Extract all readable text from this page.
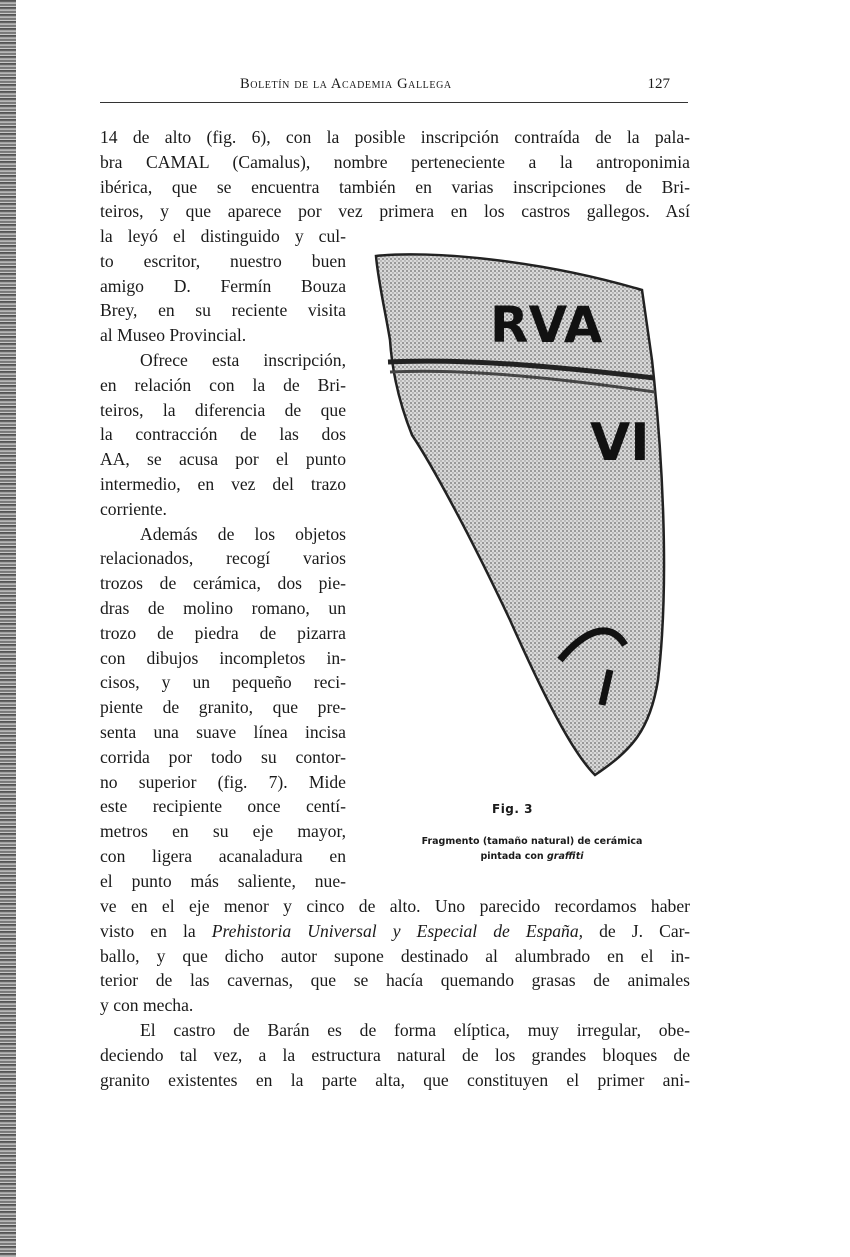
Boletín de la Academia Gallega	127
14 de alto (fig. 6), con la posible inscripción contraída de la pala-
bra CAMAL (Camalus), nombre perteneciente a la antroponimia
ibérica, que se encuentra también en varias inscripciones de Bri-
teiros, y que aparece por vez primera en los castros gallegos. Así
la leyó el distinguido y cul-
to escritor, nuestro buen
amigo D. Fermín Bouza
Brey, en su reciente visita
al Museo Provincial.
Ofrece esta inscripción,
en relación con la de Bri-
teiros, la diferencia de que
la contracción de las dos
AA, se acusa por el punto
intermedio, en vez del trazo
corriente.
Además de los objetos
relacionados, recogí varios
trozos de cerámica, dos pie-
dras de molino romano, un
trozo de piedra de pizarra
con dibujos incompletos in-
cisos, y un pequeño reci-
piente de granito, que pre-
senta una suave línea incisa
corrida por todo su contor-
no superior (fig. 7). Mide
este recipiente once centí-
metros en su eje mayor,
con ligera acanaladura en
el punto más saliente, nue-
RVA
VI
Fig. 3
Fragmento (tamaño natural) de cerámica
pintada con graffiti
ve en el eje menor y cinco de alto. Uno parecido recordamos haber
visto en la Prehistoria Universal y Especial de España, de J. Car-
ballo, y que dicho autor supone destinado al alumbrado en el in-
terior de las cavernas, que se hacía quemando grasas de animales
y con mecha.
El castro de Barán es de forma elíptica, muy irregular, obe-
deciendo tal vez, a la estructura natural de los grandes bloques de
granito existentes en la parte alta, que constituyen el primer ani-
